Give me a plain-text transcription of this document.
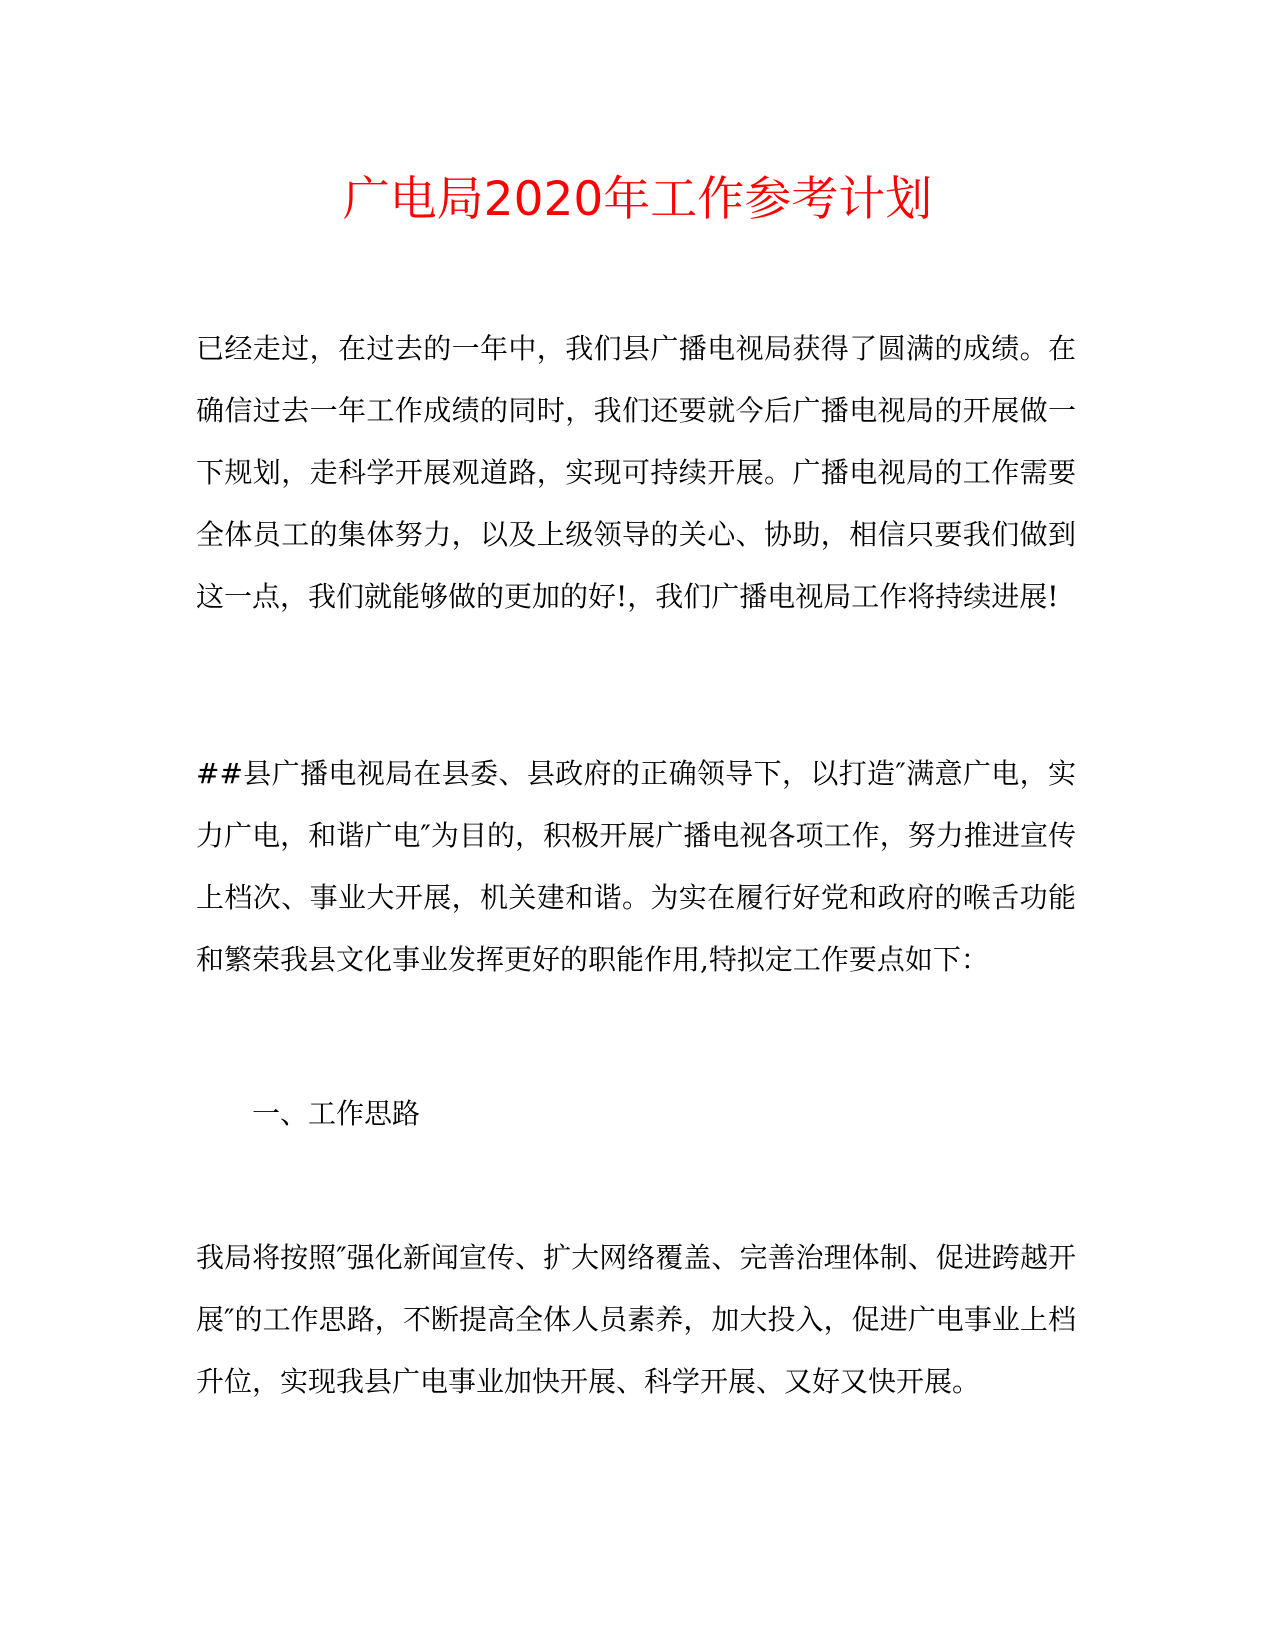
广电局2020年工作参考计划

已经走过，在过去的一年中，我们县广播电视局获得了圆满的成绩。在确信过去一年工作成绩的同时，我们还要就今后广播电视局的开展做一下规划，走科学开展观道路，实现可持续开展。广播电视局的工作需要全体员工的集体努力，以及上级领导的关心、协助，相信只要我们做到这一点，我们就能够做的更加的好!，我们广播电视局工作将持续进展!

##县广播电视局在县委、县政府的正确领导下，以打造″满意广电，实力广电，和谐广电″为目的，积极开展广播电视各项工作，努力推进宣传上档次、事业大开展，机关建和谐。为实在履行好党和政府的喉舌功能和繁荣我县文化事业发挥更好的职能作用,特拟定工作要点如下：

一、工作思路

我局将按照″强化新闻宣传、扩大网络覆盖、完善治理体制、促进跨越开展″的工作思路，不断提高全体人员素养，加大投入，促进广电事业上档升位，实现我县广电事业加快开展、科学开展、又好又快开展。
